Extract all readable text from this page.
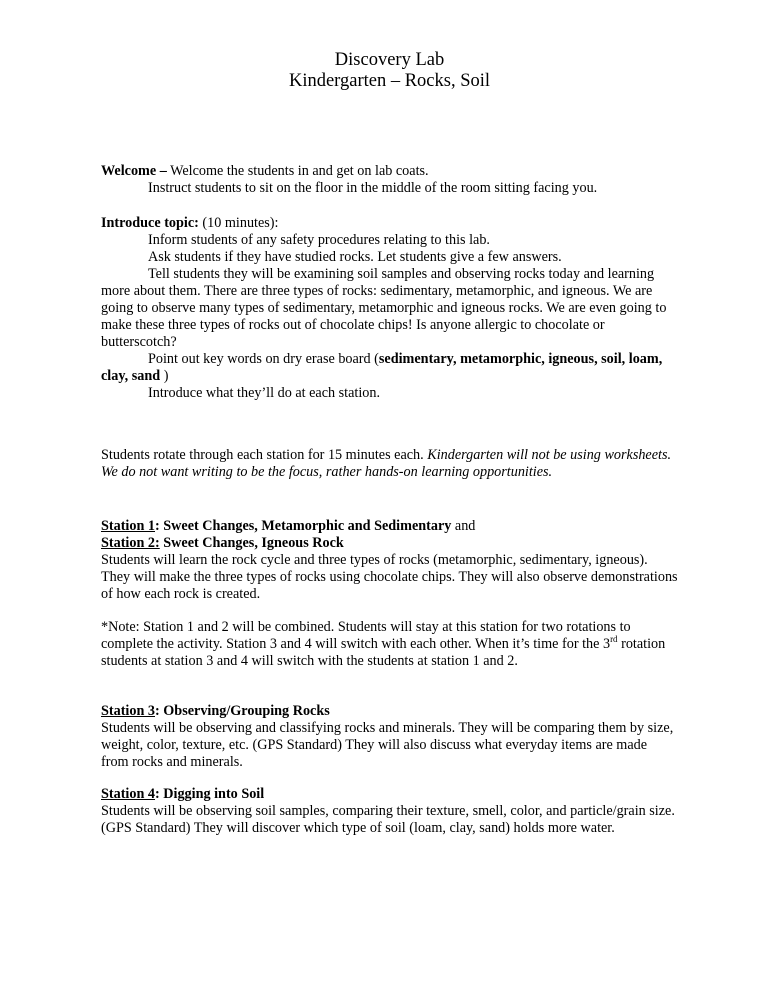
Discovery Lab
Kindergarten – Rocks, Soil

Welcome – Welcome the students in and get on lab coats.

Instruct students to sit on the floor in the middle of the room sitting facing you.

Introduce topic: (10 minutes):

Inform students of any safety procedures relating to this lab.

Ask students if they have studied rocks. Let students give a few answers.

Tell students they will be examining soil samples and observing rocks today and learning more about them. There are three types of rocks: sedimentary, metamorphic, and igneous. We are going to observe many types of sedimentary, metamorphic and igneous rocks. We are even going to make these three types of rocks out of chocolate chips! Is anyone allergic to chocolate or butterscotch?

Point out key words on dry erase board (sedimentary, metamorphic, igneous, soil, loam, clay, sand )

Introduce what they’ll do at each station.

Students rotate through each station for 15 minutes each. Kindergarten will not be using worksheets. We do not want writing to be the focus, rather hands-on learning opportunities.

Station 1: Sweet Changes, Metamorphic and Sedimentary and

Station 2: Sweet Changes, Igneous Rock

Students will learn the rock cycle and three types of rocks (metamorphic, sedimentary, igneous). They will make the three types of rocks using chocolate chips. They will also observe demonstrations of how each rock is created.

*Note: Station 1 and 2 will be combined. Students will stay at this station for two rotations to complete the activity. Station 3 and 4 will switch with each other. When it’s time for the 3rd rotation students at station 3 and 4 will switch with the students at station 1 and 2.

Station 3: Observing/Grouping Rocks

Students will be observing and classifying rocks and minerals. They will be comparing them by size, weight, color, texture, etc. (GPS Standard) They will also discuss what everyday items are made from rocks and minerals.

Station 4: Digging into Soil

Students will be observing soil samples, comparing their texture, smell, color, and particle/grain size. (GPS Standard) They will discover which type of soil (loam, clay, sand) holds more water.
